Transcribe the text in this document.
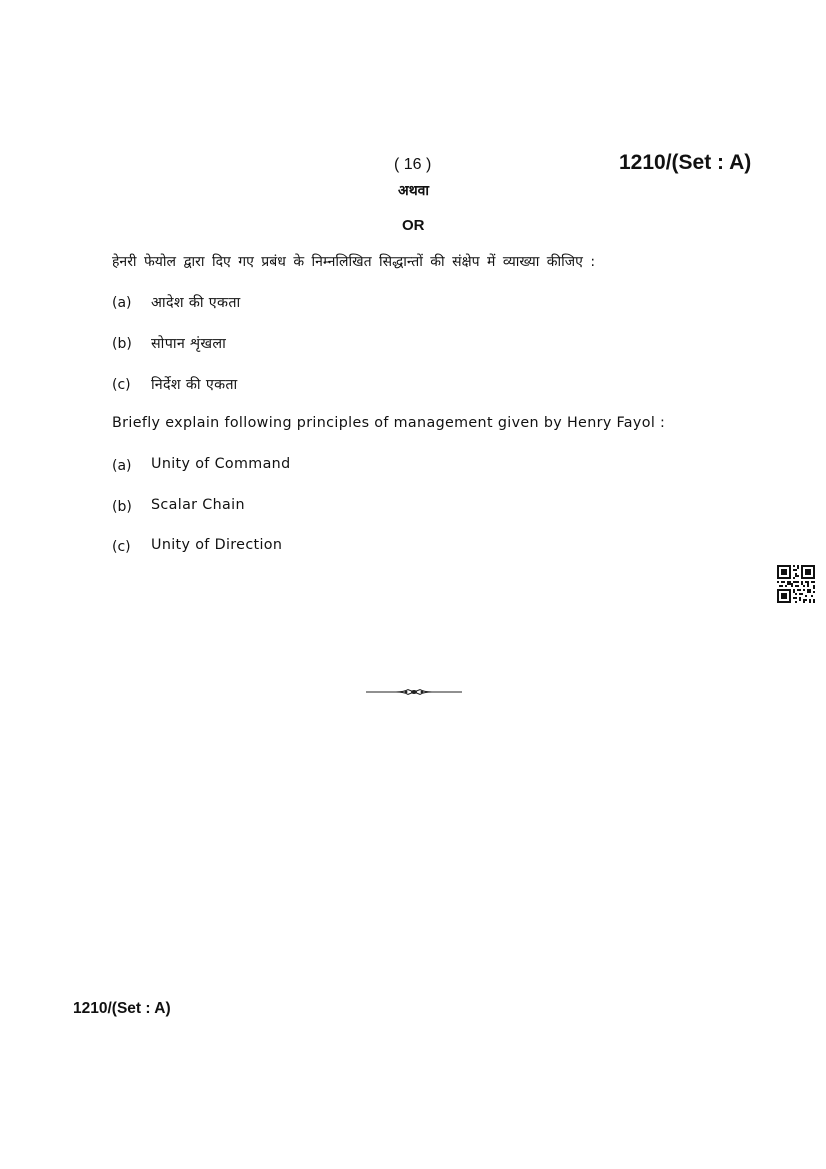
( 16 )	1210/(Set : A)
अथवा
OR
हेनरी फेयोल द्वारा दिए गए प्रबंध के निम्नलिखित सिद्धान्तों की संक्षेप में व्याख्या कीजिए :
(a) आदेश की एकता
(b) सोपान शृंखला
(c) निर्देश की एकता
Briefly explain following principles of management given by Henry Fayol :
(a) Unity of Command
(b) Scalar Chain
(c) Unity of Direction
1210/(Set : A)
